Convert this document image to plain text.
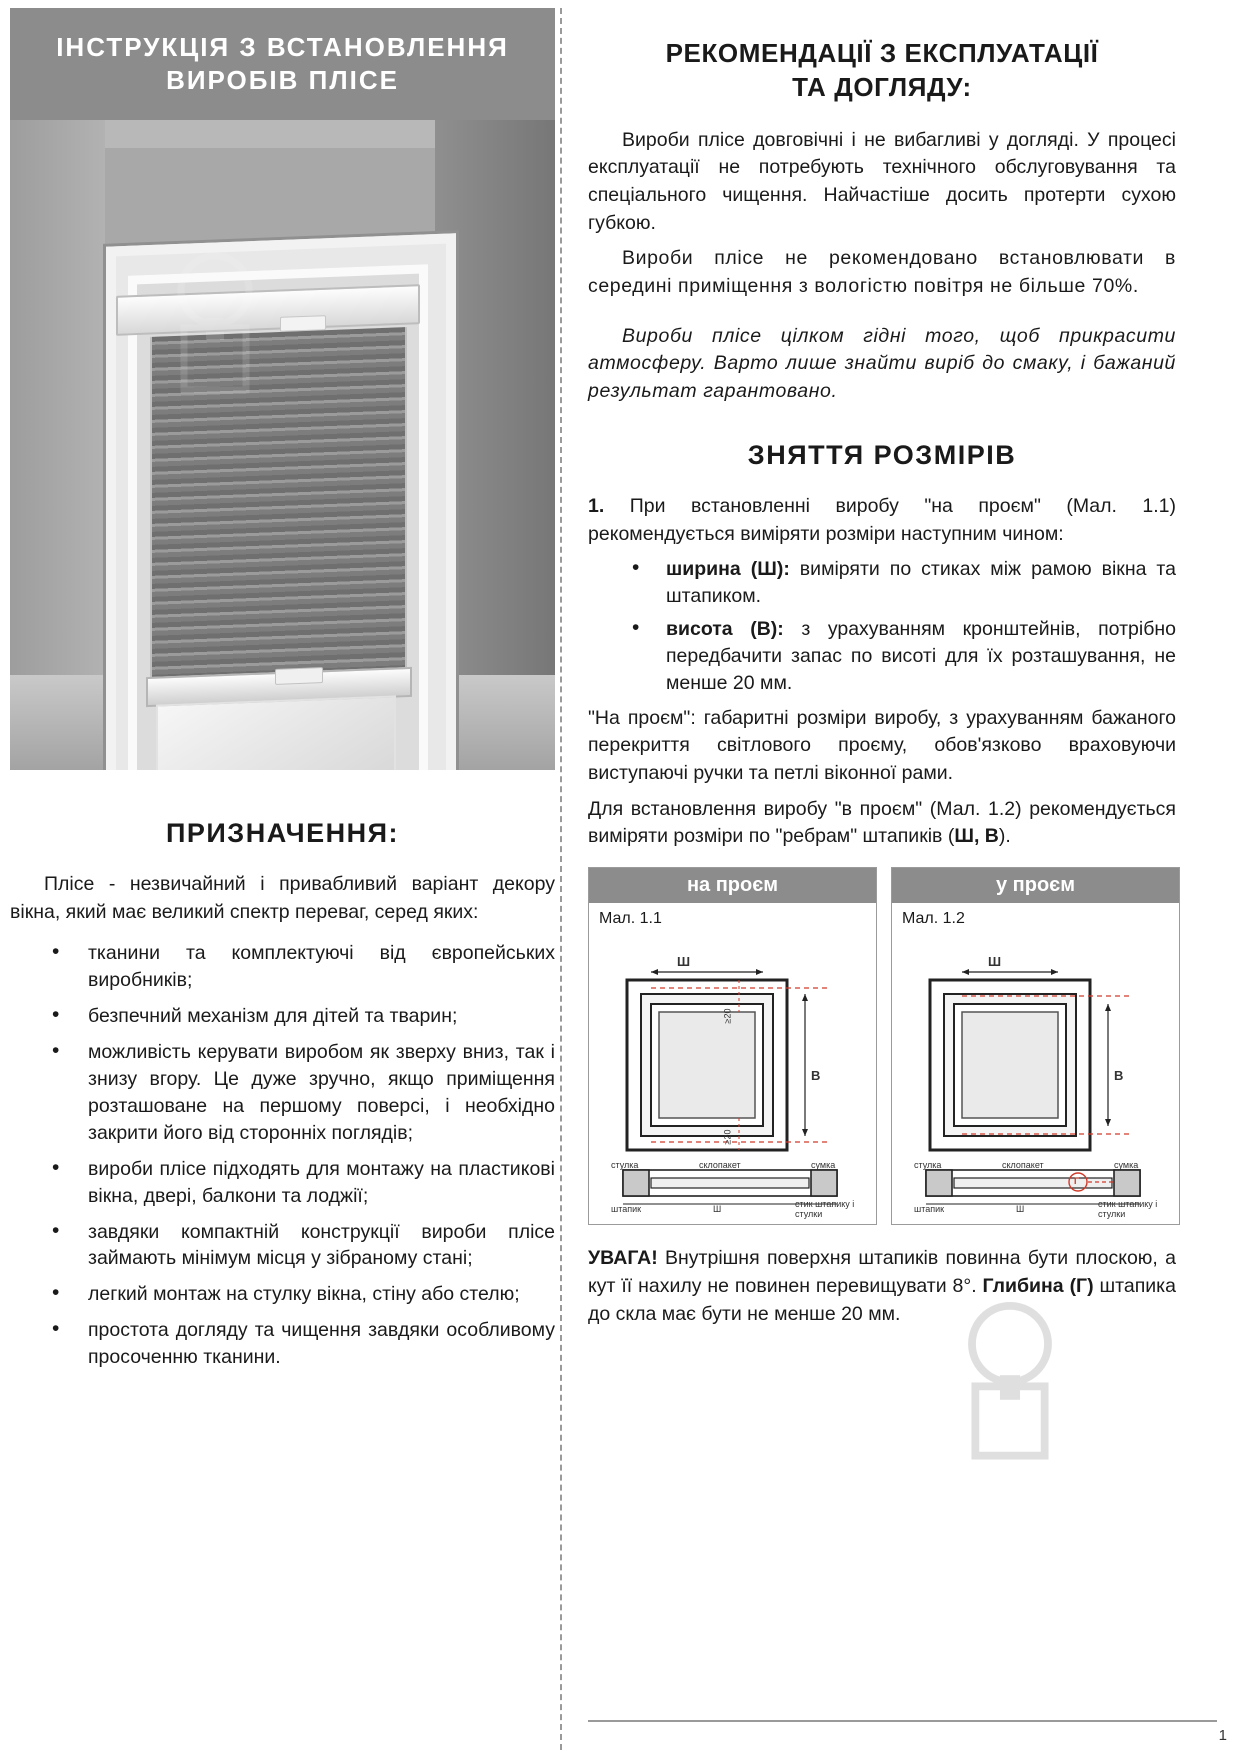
ІНСТРУКЦІЯ З ВСТАНОВЛЕННЯ
ВИРОБІВ ПЛІСЕ
ПРИЗНАЧЕННЯ:

Плісе - незвичайний і привабливий варіант декору вікна, який має великий спектр переваг, серед яких:

• тканини та комплектуючі від європейських виробників;
• безпечний механізм для дітей та тварин;
• можливість керувати виробом як зверху вниз, так і знизу вгору. Це дуже зручно, якщо приміщення розташоване на першому поверсі, і необхідно закрити його від сторонніх поглядів;
• вироби плісе підходять для монтажу на пластикові вікна, двері, балкони та лоджії;
• завдяки компактній конструкції вироби плісе займають мінімум місця у зібраному стані;
• легкий монтаж на стулку вікна, стіну або стелю;
• простота догляду та чищення завдяки особливому просоченню тканини.
РЕКОМЕНДАЦІЇ З ЕКСПЛУАТАЦІЇ
ТА ДОГЛЯДУ:

Вироби плісе довговічні і не вибагливі у догляді. У процесі експлуатації не потребують технічного обслуговування та спеціального чищення. Найчастіше досить протерти сухою губкою.

Вироби плісе не рекомендовано встановлювати в середині приміщення з вологістю повітря не більше 70%.

Вироби плісе цілком гідні того, щоб прикрасити атмосферу. Варто лише знайти виріб до смаку, і бажаний результат гарантовано.

ЗНЯТТЯ РОЗМІРІВ

1. При встановленні виробу "на проєм" (Мал. 1.1) рекомендується виміряти розміри наступним чином:

• ширина (Ш): виміряти по стиках між рамою вікна та штапиком.
• висота (В): з урахуванням кронштейнів, потрібно передбачити запас по висоті для їх розташування, не менше 20 мм.

"На проєм": габаритні розміри виробу, з урахуванням бажаного перекриття світлового проєму, обов'язково враховуючи виступаючі ручки та петлі віконної рами.

Для встановлення виробу "в проєм" (Мал. 1.2) рекомендується виміряти розміри по "ребрам" штапиків (Ш, В).

на проєм
Мал. 1.1
Ш
В
≥20
≥20
стулка	склопакет	сумка
штапик	Ш	стик штапику і стулки
у проєм
Мал. 1.2
Ш
В
Г
стулка	склопакет	сумка
штапик	Ш	стик штапику і стулки
УВАГА! Внутрішня поверхня штапиків повинна бути плоскою, а кут її нахилу не повинен перевищувати 8°. Глибина (Г) штапика до скла має бути не менше 20 мм.
1
